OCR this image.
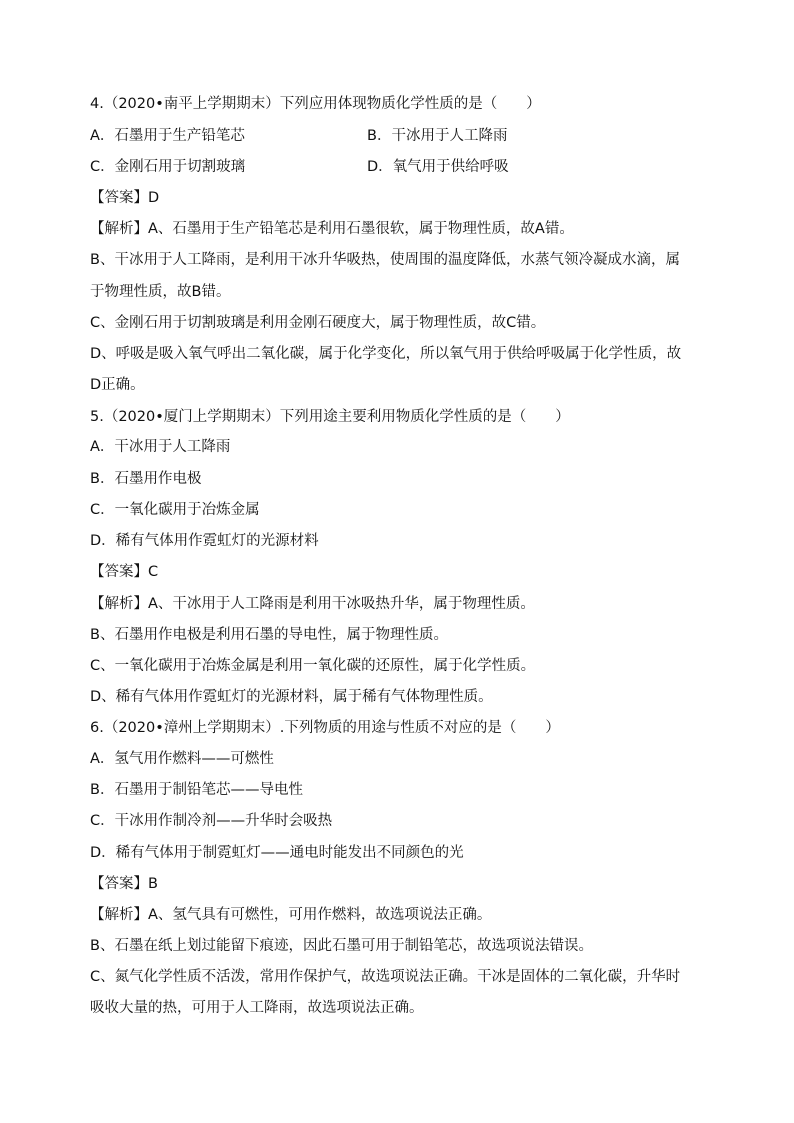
4.（2020•南平上学期期末）下列应用体现物质化学性质的是（　　）
A．石墨用于生产铅笔芯	B．干冰用于人工降雨
C．金刚石用于切割玻璃	D．氧气用于供给呼吸
【答案】D
【解析】A、石墨用于生产铅笔芯是利用石墨很软，属于物理性质，故A错。
B、干冰用于人工降雨，是利用干冰升华吸热，使周围的温度降低，水蒸气领冷凝成水滴，属
于物理性质，故B错。
C、金刚石用于切割玻璃是利用金刚石硬度大，属于物理性质，故C错。
D、呼吸是吸入氧气呼出二氧化碳，属于化学变化，所以氧气用于供给呼吸属于化学性质，故
D正确。
5.（2020•厦门上学期期末）下列用途主要利用物质化学性质的是（　　）
A．干冰用于人工降雨
B．石墨用作电极
C．一氧化碳用于冶炼金属
D．稀有气体用作霓虹灯的光源材料
【答案】C
【解析】A、干冰用于人工降雨是利用干冰吸热升华，属于物理性质。
B、石墨用作电极是利用石墨的导电性，属于物理性质。
C、一氧化碳用于冶炼金属是利用一氧化碳的还原性，属于化学性质。
D、稀有气体用作霓虹灯的光源材料，属于稀有气体物理性质。
6.（2020•漳州上学期期末）.下列物质的用途与性质不对应的是（　　）
A．氢气用作燃料——可燃性
B．石墨用于制铅笔芯——导电性
C．干冰用作制冷剂——升华时会吸热
D．稀有气体用于制霓虹灯——通电时能发出不同颜色的光
【答案】B
【解析】A、氢气具有可燃性，可用作燃料，故选项说法正确。
B、石墨在纸上划过能留下痕迹，因此石墨可用于制铅笔芯，故选项说法错误。
C、氮气化学性质不活泼，常用作保护气，故选项说法正确。干冰是固体的二氧化碳，升华时
吸收大量的热，可用于人工降雨，故选项说法正确。
